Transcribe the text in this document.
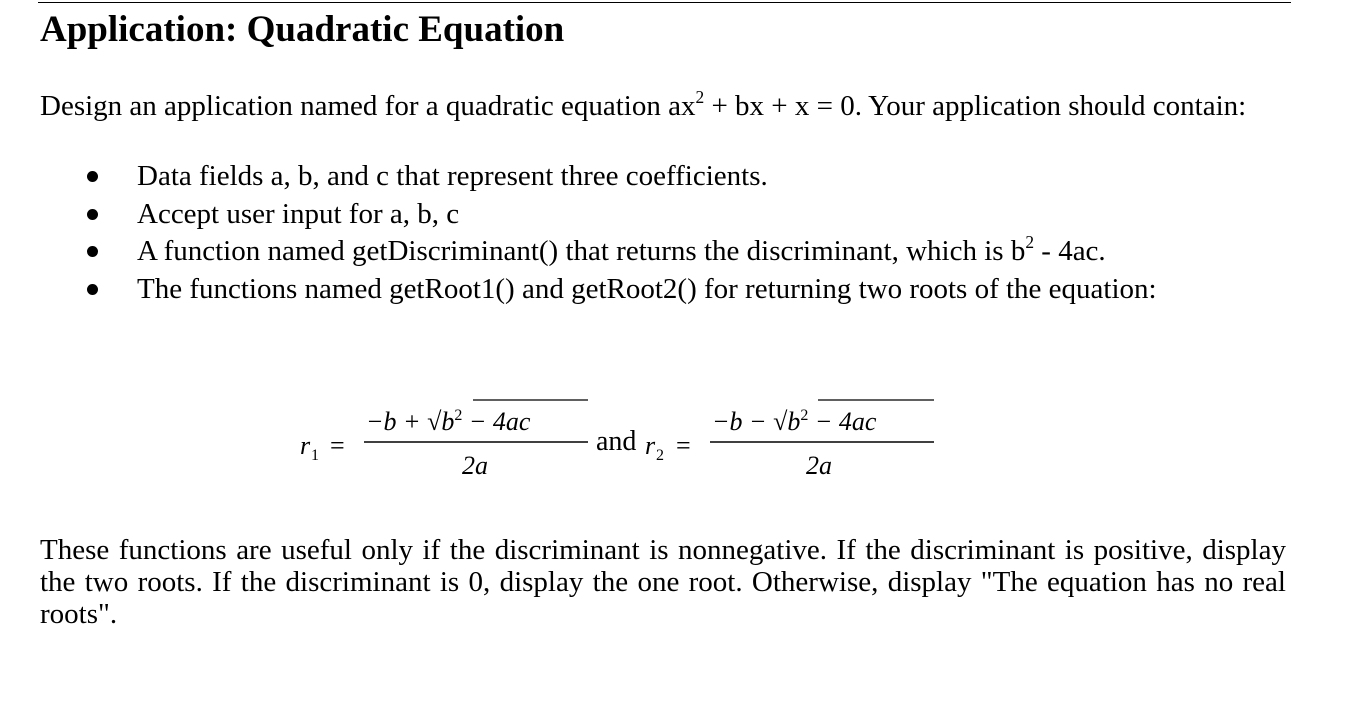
Application: Quadratic Equation

Design an application named for a quadratic equation $ax^2$ + bx + x = 0. Your application should contain:

Data fields a, b, and c that represent three coefficients.
Accept user input for a, b, c
A function named getDiscriminant() that returns the discriminant, which is $b^2 - 4ac$.
The functions named getRoot1() and getRoot2() for returning two roots of the equation:
r 1 =
$-b + √b^2 - 4ac$
2a
and r 2 =
$-b - √b^2 - 4ac$
2a

These functions are useful only if the discriminant is nonnegative. If the discriminant is positive, display the two roots. If the discriminant is 0, display the one root. Otherwise, display "The equation has no real roots".
